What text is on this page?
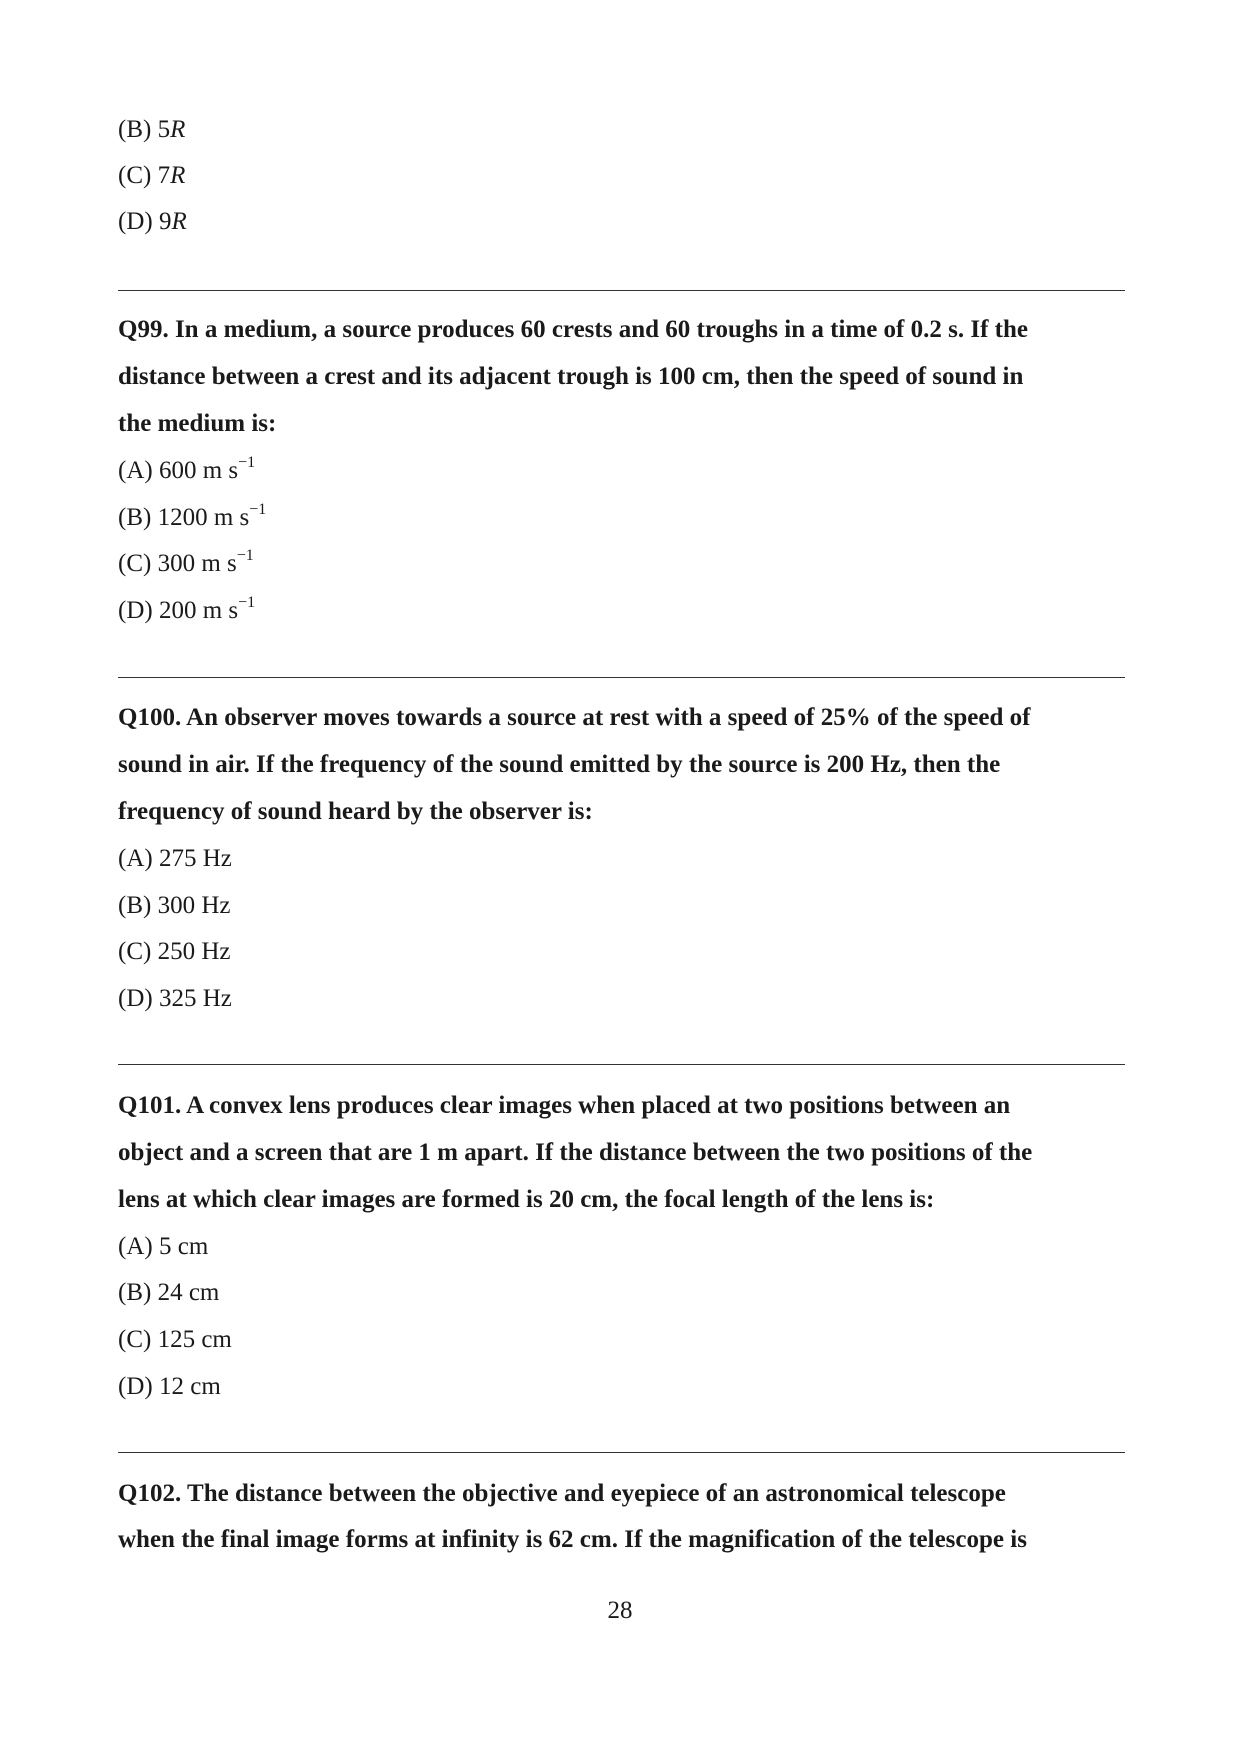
(B) 5R
(C) 7R
(D) 9R
Q99. In a medium, a source produces 60 crests and 60 troughs in a time of 0.2 s. If the
distance between a crest and its adjacent trough is 100 cm, then the speed of sound in
the medium is:
(A) 600 m $s^{-1}$
(B) 1200 m $s^{-1}$
(C) 300 m $s^{-1}$
(D) 200 m $s^{-1}$
Q100. An observer moves towards a source at rest with a speed of 25% of the speed of
sound in air. If the frequency of the sound emitted by the source is 200 Hz, then the
frequency of sound heard by the observer is:
(A) 275 Hz
(B) 300 Hz
(C) 250 Hz
(D) 325 Hz
Q101. A convex lens produces clear images when placed at two positions between an
object and a screen that are 1 m apart. If the distance between the two positions of the
lens at which clear images are formed is 20 cm, the focal length of the lens is:
(A) 5 cm
(B) 24 cm
(C) 125 cm
(D) 12 cm
Q102. The distance between the objective and eyepiece of an astronomical telescope
when the final image forms at infinity is 62 cm. If the magnification of the telescope is
28
